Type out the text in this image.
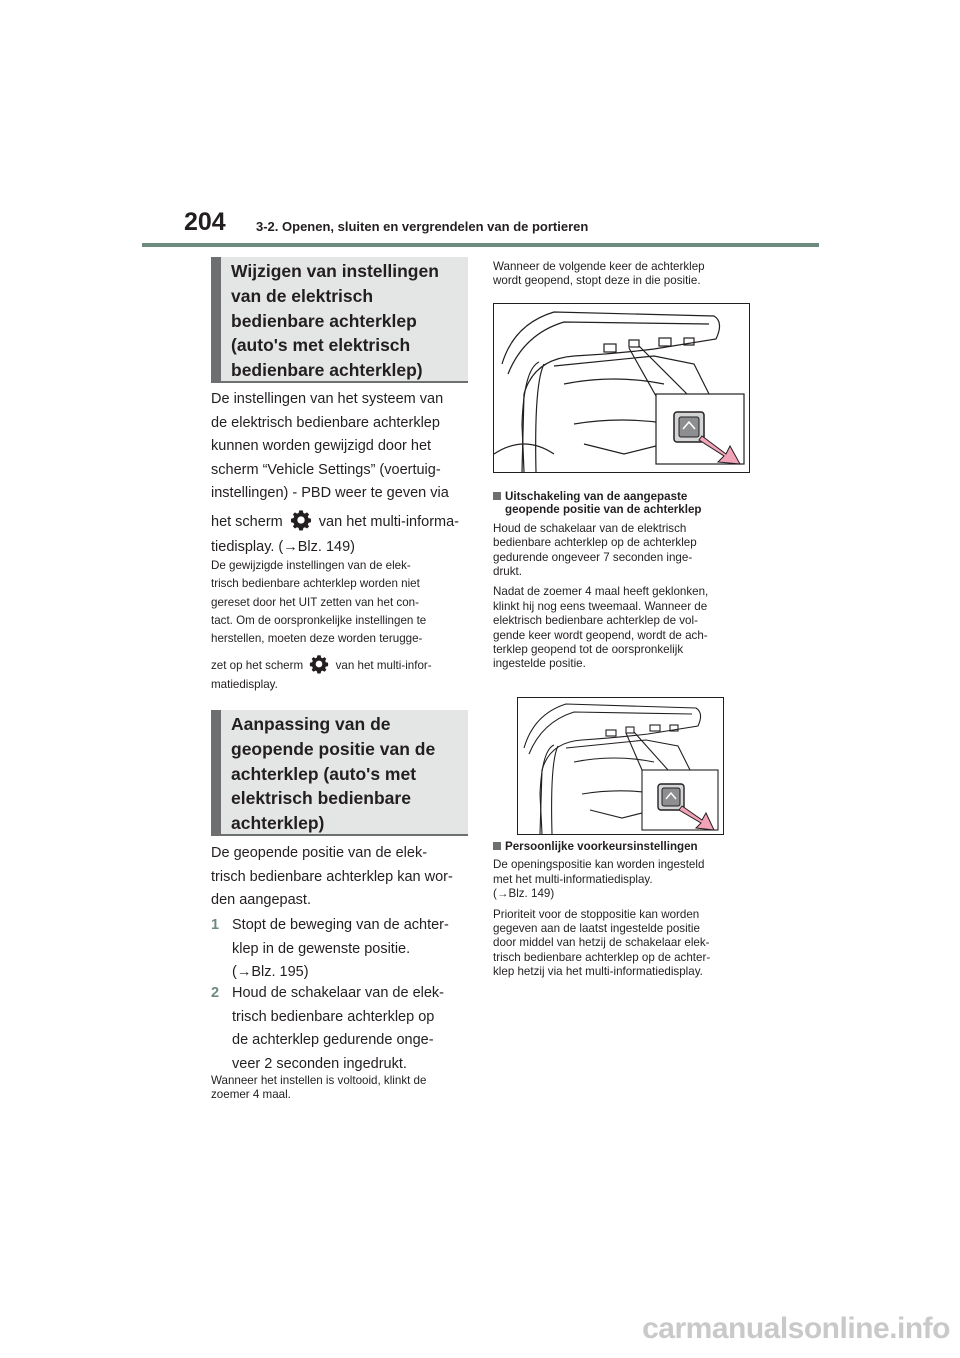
204 3-2. Openen, sluiten en vergrendelen van de portieren
Wijzigen van instellingen
van de elektrisch
bedienbare achterklep
(auto's met elektrisch
bedienbare achterklep)

De instellingen van het systeem van

de elektrisch bedienbare achterklep

kunnen worden gewijzigd door het

scherm “Vehicle Settings” (voertuig-

instellingen) - PBD weer te geven via

het scherm van het multi-informa-

tiedisplay. (→Blz. 149)

De gewijzigde instellingen van de elek-

trisch bedienbare achterklep worden niet

gereset door het UIT zetten van het con-

tact. Om de oorspronkelijke instellingen te

herstellen, moeten deze worden terugge-

zet op het scherm	van het multi-infor-

matiedisplay.

Aanpassing van de
geopende positie van de
achterklep (auto's met
elektrisch bedienbare
achterklep)

De geopende positie van de elek-

trisch bedienbare achterklep kan wor-

den aangepast.

1 Stopt de beweging van de achter-
klep in de gewenste positie.
(→Blz. 195)
2 Houd de schakelaar van de elek-
trisch bedienbare achterklep op
de achterklep gedurende onge-
veer 2 seconden ingedrukt.

Wanneer het instellen is voltooid, klinkt de

zoemer 4 maal.

Wanneer de volgende keer de achterklep

wordt geopend, stopt deze in die positie.

Uitschakeling van de aangepaste
geopende positie van de achterklep

Houd de schakelaar van de elektrisch

bedienbare achterklep op de achterklep

gedurende ongeveer 7 seconden inge-

drukt.

Nadat de zoemer 4 maal heeft geklonken,

klinkt hij nog eens tweemaal. Wanneer de

elektrisch bedienbare achterklep de vol-

gende keer wordt geopend, wordt de ach-

terklep geopend tot de oorspronkelijk

ingestelde positie.

Persoonlijke voorkeursinstellingen

De openingspositie kan worden ingesteld

met het multi-informatiedisplay.

(→Blz. 149)

Prioriteit voor de stoppositie kan worden

gegeven aan de laatst ingestelde positie

door middel van hetzij de schakelaar elek-

trisch bedienbare achterklep op de achter-

klep hetzij via het multi-informatiedisplay.

carmanualsonline.info
